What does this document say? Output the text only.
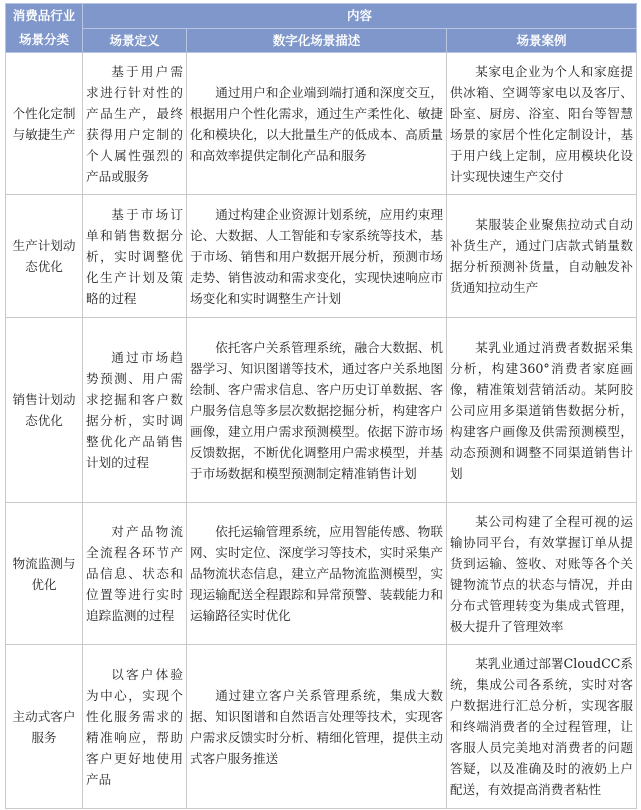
消费品行业场景分类	内容		
	场景定义	数字化场景描述	场景案例
个性化定制与敏捷生产	基于用户需求进行针对性的产品生产，最终获得用户定制的个人属性强烈的产品或服务	通过用户和企业端到端打通和深度交互，根据用户个性化需求，通过生产柔性化、敏捷化和模块化，以大批量生产的低成本、高质量和高效率提供定制化产品和服务	某家电企业为个人和家庭提供冰箱、空调等家电以及客厅、卧室、厨房、浴室、阳台等智慧场景的家居个性化定制设计，基于用户线上定制，应用模块化设计实现快速生产交付
生产计划动态优化	基于市场订单和销售数据分析，实时调整优化生产计划及策略的过程	通过构建企业资源计划系统，应用约束理论、大数据、人工智能和专家系统等技术，基于市场、销售和用户数据开展分析，预测市场走势、销售波动和需求变化，实现快速响应市场变化和实时调整生产计划	某服装企业聚焦拉动式自动补货生产，通过门店款式销量数据分析预测补货量，自动触发补货通知拉动生产
销售计划动态优化	通过市场趋势预测、用户需求挖掘和客户数据分析，实时调整优化产品销售计划的过程	依托客户关系管理系统，融合大数据、机器学习、知识图谱等技术，通过客户关系地图绘制、客户需求信息、客户历史订单数据、客户服务信息等多层次数据挖掘分析，构建客户画像，建立用户需求预测模型。依据下游市场反馈数据，不断优化调整用户需求模型，并基于市场数据和模型预测制定精准销售计划	某乳业通过消费者数据采集分析，构建360°消费者家庭画像，精准策划营销活动。某阿胶公司应用多渠道销售数据分析，构建客户画像及供需预测模型，动态预测和调整不同渠道销售计划
物流监测与优化	对产品物流全流程各环节产品信息、状态和位置等进行实时追踪监测的过程	依托运输管理系统，应用智能传感、物联网、实时定位、深度学习等技术，实时采集产品物流状态信息，建立产品物流监测模型，实现运输配送全程跟踪和异常预警、装载能力和运输路径实时优化	某公司构建了全程可视的运输协同平台，有效掌握订单从提货到运输、签收、对账等各个关键物流节点的状态与情况，并由分布式管理转变为集成式管理，极大提升了管理效率
主动式客户服务	以客户体验为中心，实现个性化服务需求的精准响应，帮助客户更好地使用产品	通过建立客户关系管理系统，集成大数据、知识图谱和自然语言处理等技术，实现客户需求反馈实时分析、精细化管理，提供主动式客户服务推送	某乳业通过部署CloudCC系统，集成公司各系统，实时对客户数据进行汇总分析，实现客服和终端消费者的全过程管理，让客服人员完美地对消费者的问题答疑，以及准确及时的液奶上户配送，有效提高消费者粘性
